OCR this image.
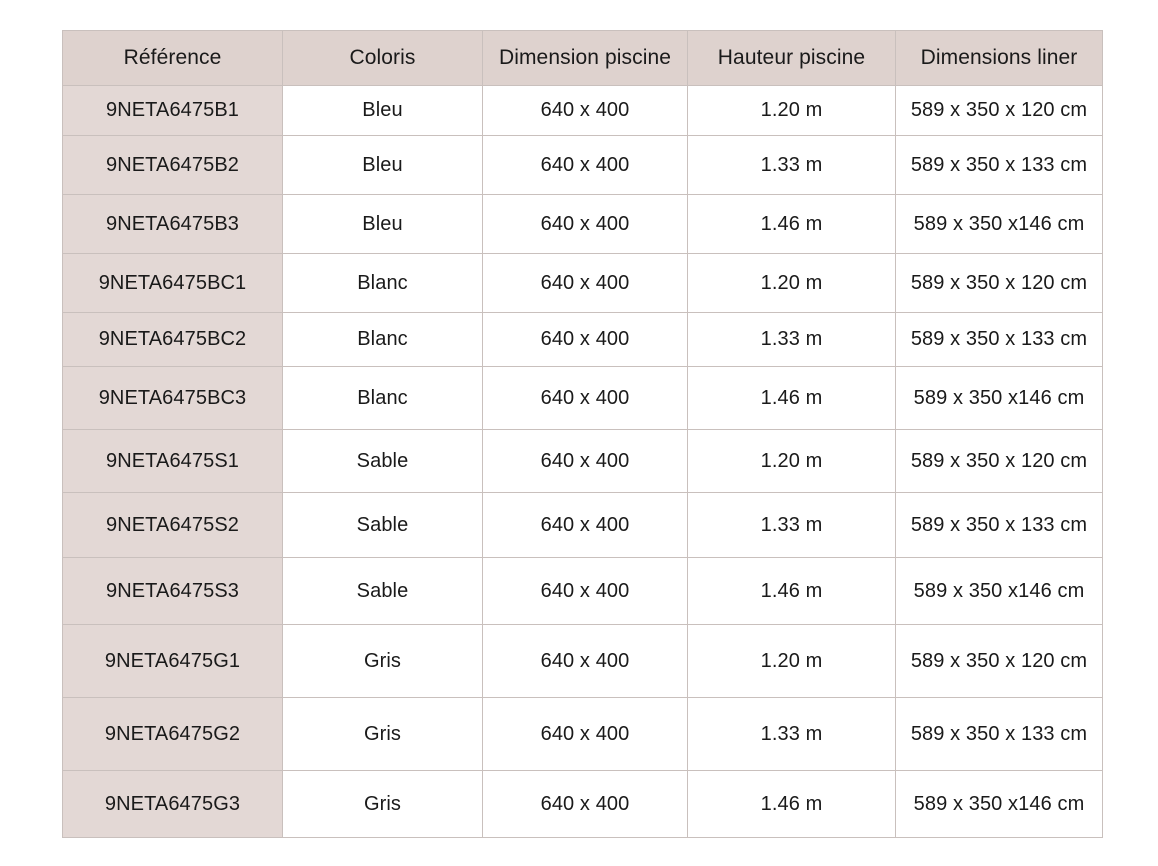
Référence	Coloris	Dimension piscine	Hauteur piscine	Dimensions liner
9NETA6475B1	Bleu	640 x 400	1.20 m	589 x 350 x 120 cm
9NETA6475B2	Bleu	640 x 400	1.33 m	589 x 350 x 133 cm
9NETA6475B3	Bleu	640 x 400	1.46 m	589 x 350 x146 cm
9NETA6475BC1	Blanc	640 x 400	1.20 m	589 x 350 x 120 cm
9NETA6475BC2	Blanc	640 x 400	1.33 m	589 x 350 x 133 cm
9NETA6475BC3	Blanc	640 x 400	1.46 m	589 x 350 x146 cm
9NETA6475S1	Sable	640 x 400	1.20 m	589 x 350 x 120 cm
9NETA6475S2	Sable	640 x 400	1.33 m	589 x 350 x 133 cm
9NETA6475S3	Sable	640 x 400	1.46 m	589 x 350 x146 cm
9NETA6475G1	Gris	640 x 400	1.20 m	589 x 350 x 120 cm
9NETA6475G2	Gris	640 x 400	1.33 m	589 x 350 x 133 cm
9NETA6475G3	Gris	640 x 400	1.46 m	589 x 350 x146 cm
